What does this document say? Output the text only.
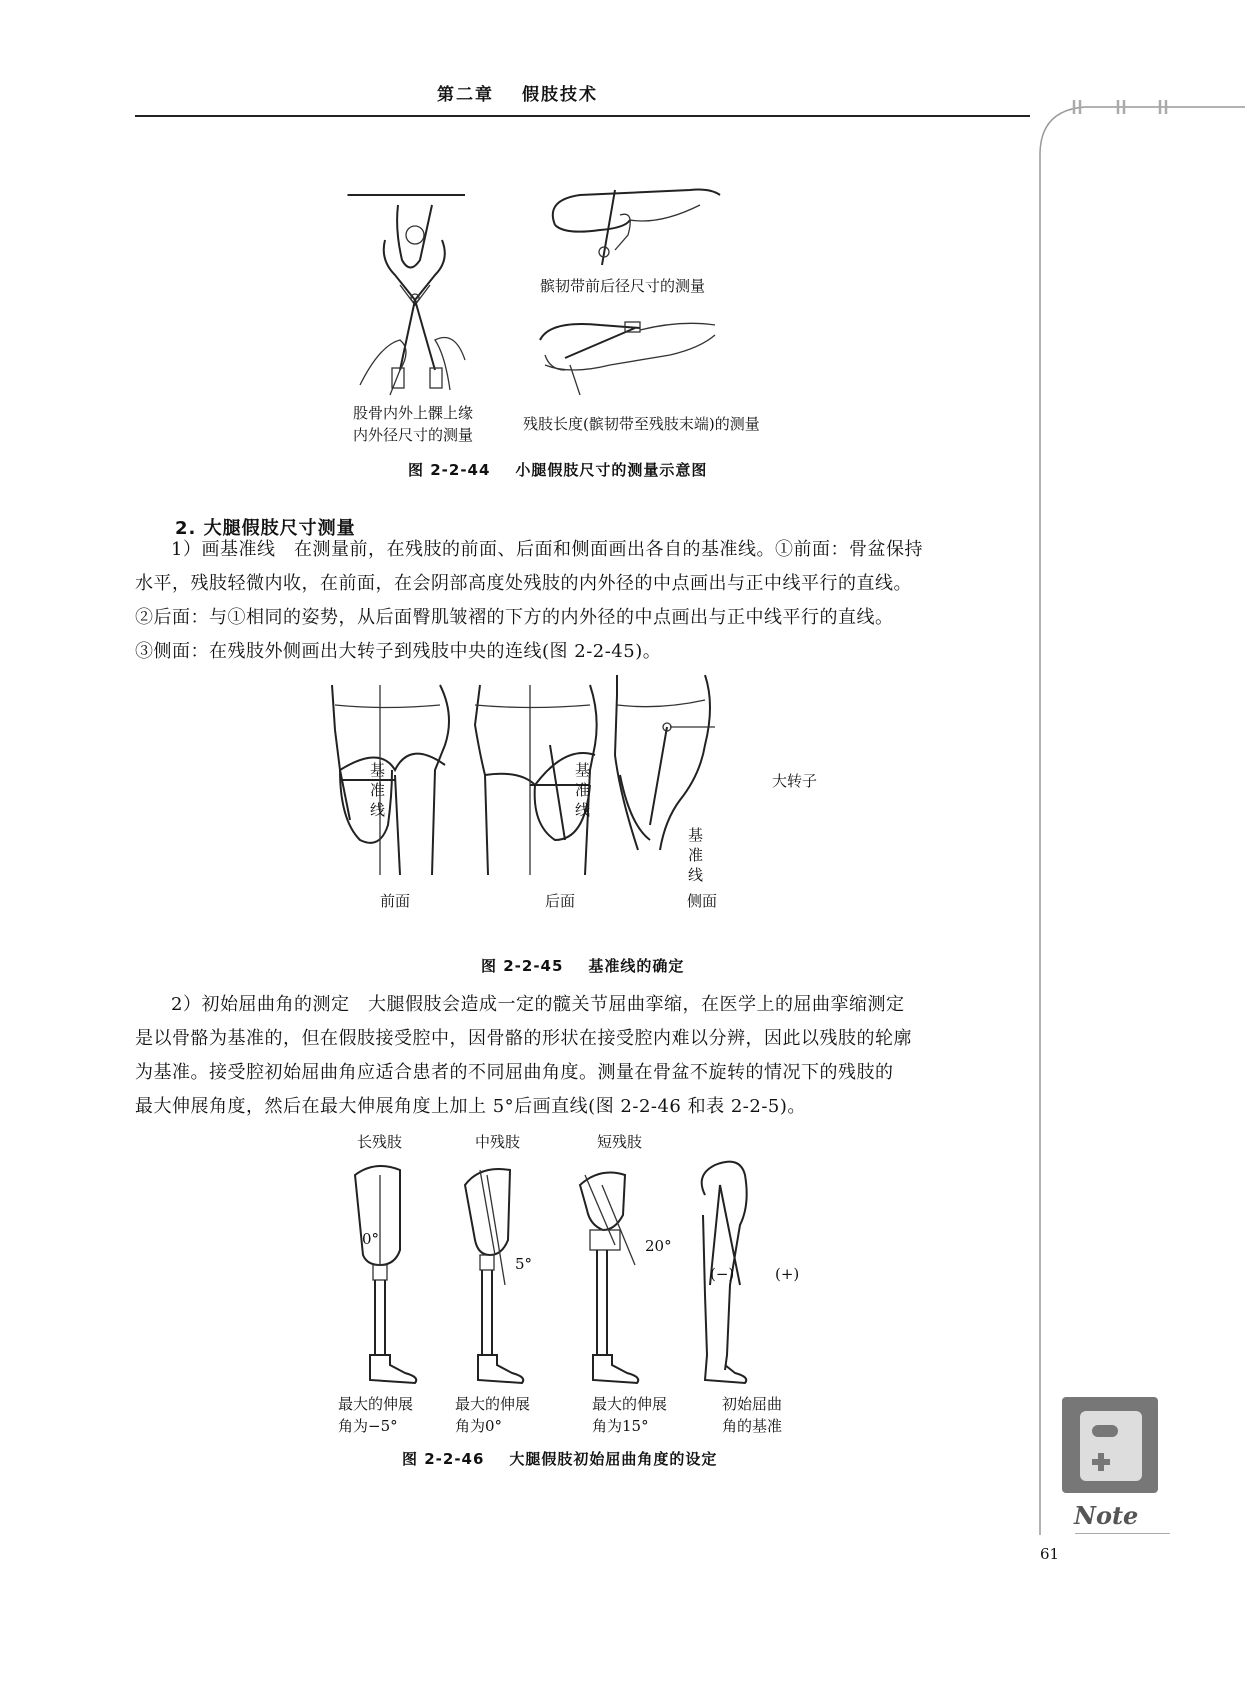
第二章 假肢技术
Note
髌韧带前后径尺寸的测量
股骨内外上髁上缘
内外径尺寸的测量
残肢长度(髌韧带至残肢末端)的测量
图 2-2-44 小腿假肢尺寸的测量示意图
2. 大腿假肢尺寸测量

1）画基准线　在测量前，在残肢的前面、后面和侧面画出各自的基准线。①前面：骨盆保持

水平，残肢轻微内收，在前面，在会阴部高度处残肢的内外径的中点画出与正中线平行的直线。

②后面：与①相同的姿势，从后面臀肌皱褶的下方的内外径的中点画出与正中线平行的直线。

③侧面：在残肢外侧画出大转子到残肢中央的连线(图 2-2-45)。

基准线
基准线
基准线
大转子
前面	后面	侧面
图 2-2-45 基准线的确定

2）初始屈曲角的测定　大腿假肢会造成一定的髋关节屈曲挛缩，在医学上的屈曲挛缩测定

是以骨骼为基准的，但在假肢接受腔中，因骨骼的形状在接受腔内难以分辨，因此以残肢的轮廓

为基准。接受腔初始屈曲角应适合患者的不同屈曲角度。测量在骨盆不旋转的情况下的残肢的

最大伸展角度，然后在最大伸展角度上加上 5°后画直线(图 2-2-46 和表 2-2-5)。

长残肢	中残肢	短残肢
0°
5°
20°
(−)	(+)
最大的伸展
角为−5°
最大的伸展
角为0°
最大的伸展
角为15°
初始屈曲
角的基准
图 2-2-46 大腿假肢初始屈曲角度的设定
61
